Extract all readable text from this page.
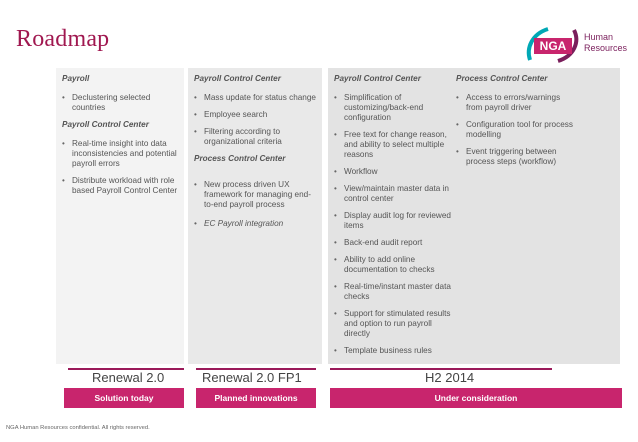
Roadmap	NGA
Human
Resources
Payroll
• Declustering selected countries
Payroll Control Center
• Real-time insight into data inconsistencies and potential payroll errors
• Distribute workload with role based Payroll Control Center
Payroll Control Center
• Mass update for status change
• Employee search
• Filtering according to organizational criteria
Process Control Center
• New process driven UX framework for managing end-to-end payroll process
• EC Payroll integration
Payroll Control Center
• Simplification of customizing/back-end configuration
• Free text for change reason, and ability to select multiple reasons
• Workflow
• View/maintain master data in control center
• Display audit log for reviewed items
• Back-end audit report
• Ability to add online documentation to checks
• Real-time/instant master data checks
• Support for stimulated results and option to run payroll directly
• Template business rules
Process Control Center
• Access to errors/warnings from payroll driver
• Configuration tool for process modelling
• Event triggering between process steps (workflow)
Renewal 2.0	Renewal 2.0 FP1	H2 2014
Solution today	Planned innovations	Under consideration
NGA Human Resources confidential. All rights reserved.
